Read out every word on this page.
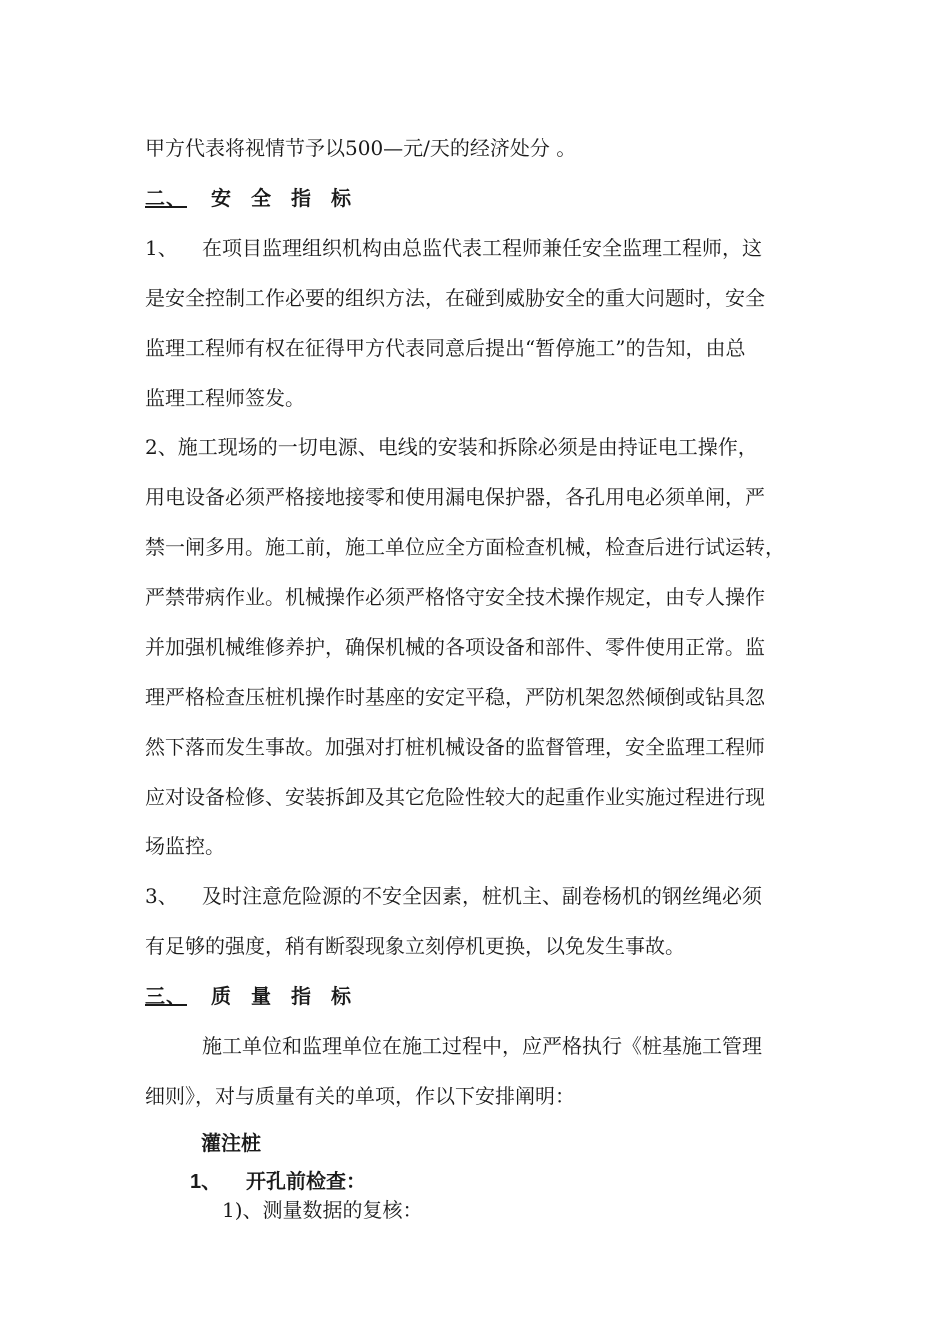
甲方代表将视情节予以500—元/天的经济处分 。
二、 安全指标
1、 在项目监理组织机构由总监代表工程师兼任安全监理工程师，这
是安全控制工作必要的组织方法，在碰到威胁安全的重大问题时，安全
监理工程师有权在征得甲方代表同意后提出“暂停施工”的告知，由总
监理工程师签发。
2、施工现场的一切电源、电线的安装和拆除必须是由持证电工操作，
用电设备必须严格接地接零和使用漏电保护器，各孔用电必须单闸，严
禁一闸多用。施工前，施工单位应全方面检查机械，检查后进行试运转，
严禁带病作业。机械操作必须严格恪守安全技术操作规定，由专人操作
并加强机械维修养护，确保机械的各项设备和部件、零件使用正常。监
理严格检查压桩机操作时基座的安定平稳，严防机架忽然倾倒或钻具忽
然下落而发生事故。加强对打桩机械设备的监督管理，安全监理工程师
应对设备检修、安装拆卸及其它危险性较大的起重作业实施过程进行现
场监控。
3、 及时注意危险源的不安全因素，桩机主、副卷杨机的钢丝绳必须
有足够的强度，稍有断裂现象立刻停机更换，以免发生事故。
三、 质量指标
施工单位和监理单位在施工过程中，应严格执行《桩基施工管理
细则》，对与质量有关的单项，作以下安排阐明：
灌注桩
1、 开孔前检查：
1)、测量数据的复核：
